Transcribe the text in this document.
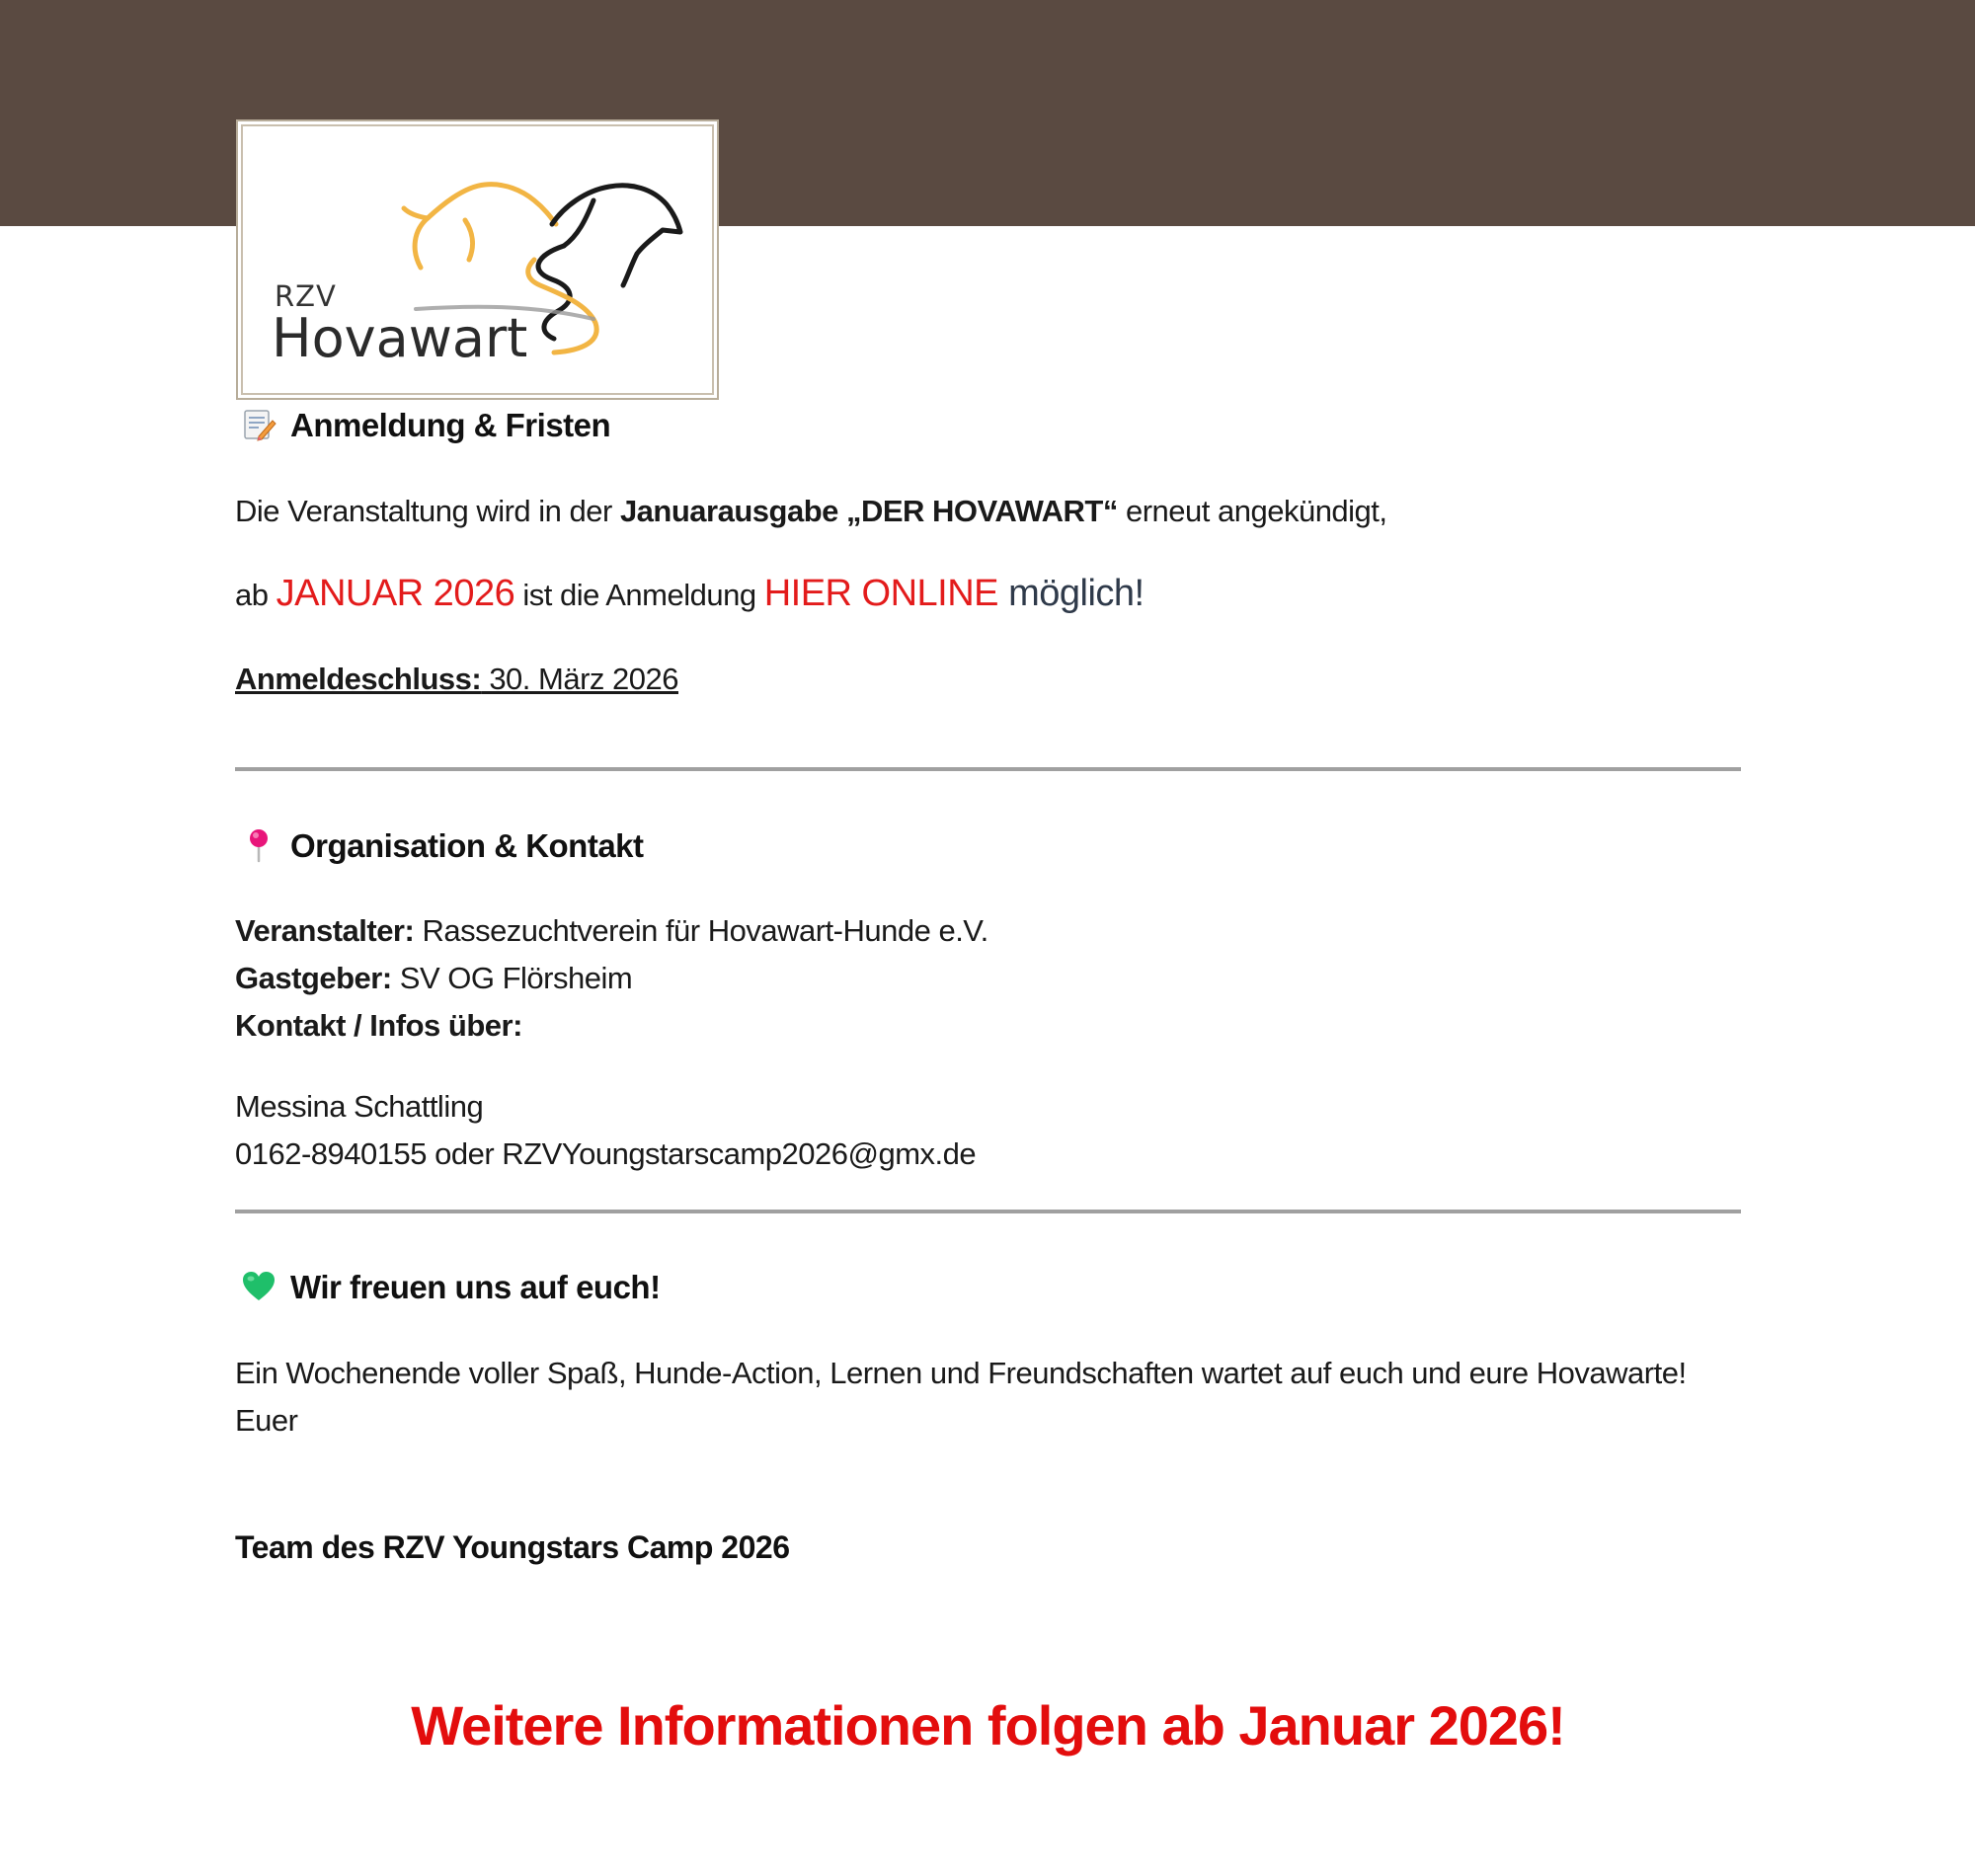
RZV
Hovawart
Anmeldung & Fristen
Die Veranstaltung wird in der Januarausgabe „DER HOVAWART“ erneut angekündigt,
ab JANUAR 2026 ist die Anmeldung HIER ONLINE möglich!
Anmeldeschluss: 30. März 2026
Organisation & Kontakt
Veranstalter: Rassezuchtverein für Hovawart-Hunde e.V.
Gastgeber: SV OG Flörsheim
Kontakt / Infos über:
Messina Schattling
0162-8940155 oder RZVYoungstarscamp2026@gmx.de
Wir freuen uns auf euch!
Ein Wochenende voller Spaß, Hunde-Action, Lernen und Freundschaften wartet auf euch und eure Hovawarte!
Euer
Team des RZV Youngstars Camp 2026
Weitere Informationen folgen ab Januar 2026!
